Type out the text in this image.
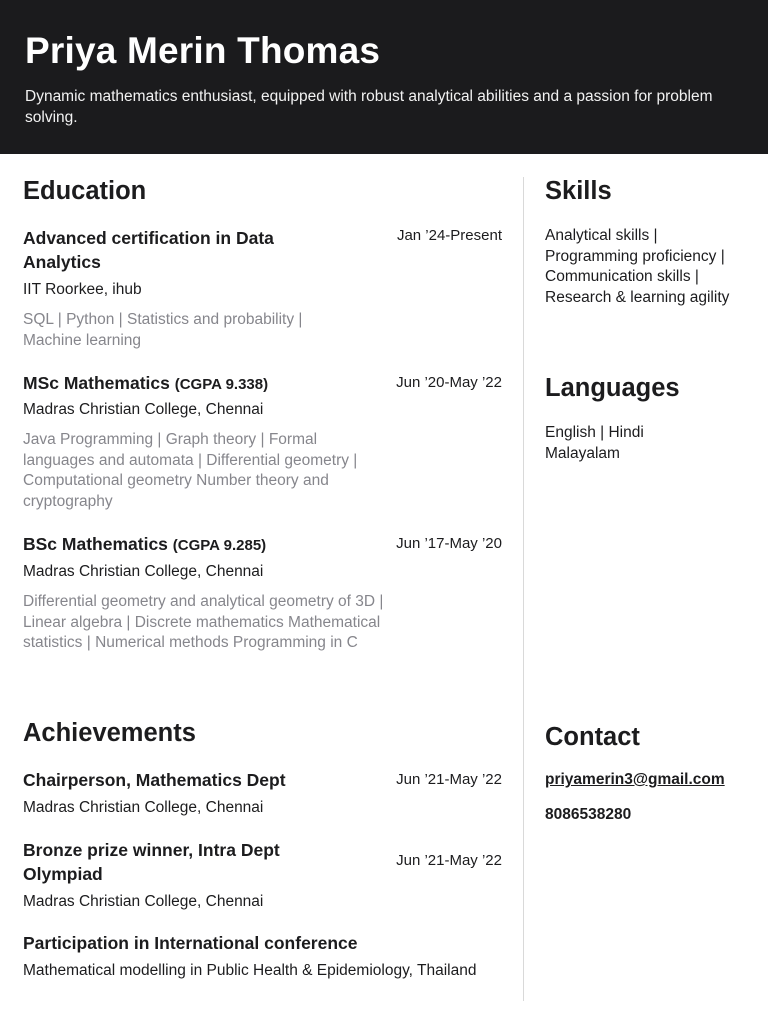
Priya Merin Thomas
Dynamic mathematics enthusiast, equipped with robust analytical abilities and a passion for problem solving.
Education
Advanced certification in Data Analytics
Jan ’24-Present
IIT Roorkee, ihub
SQL | Python | Statistics and probability | Machine learning
MSc Mathematics (CGPA 9.338)	Jun ’20-May ’22
Madras Christian College, Chennai
Java Programming | Graph theory | Formal languages and automata | Differential geometry | Computational geometry Number theory and cryptography
BSc Mathematics (CGPA 9.285)	Jun ’17-May ’20
Madras Christian College, Chennai
Differential geometry and analytical geometry of 3D | Linear algebra | Discrete mathematics Mathematical statistics | Numerical methods Programming in C
Achievements
Chairperson, Mathematics Dept	Jun ’21-May ’22
Madras Christian College, Chennai
Bronze prize winner, Intra Dept Olympiad
Jun ’21-May ’22
Madras Christian College, Chennai
Participation in International conference
Mathematical modelling in Public Health & Epidemiology, Thailand
Skills
Analytical skills | Programming proficiency | Communication skills | Research & learning agility
Languages
English | Hindi
Malayalam
Contact
priyamerin3@gmail.com
8086538280
